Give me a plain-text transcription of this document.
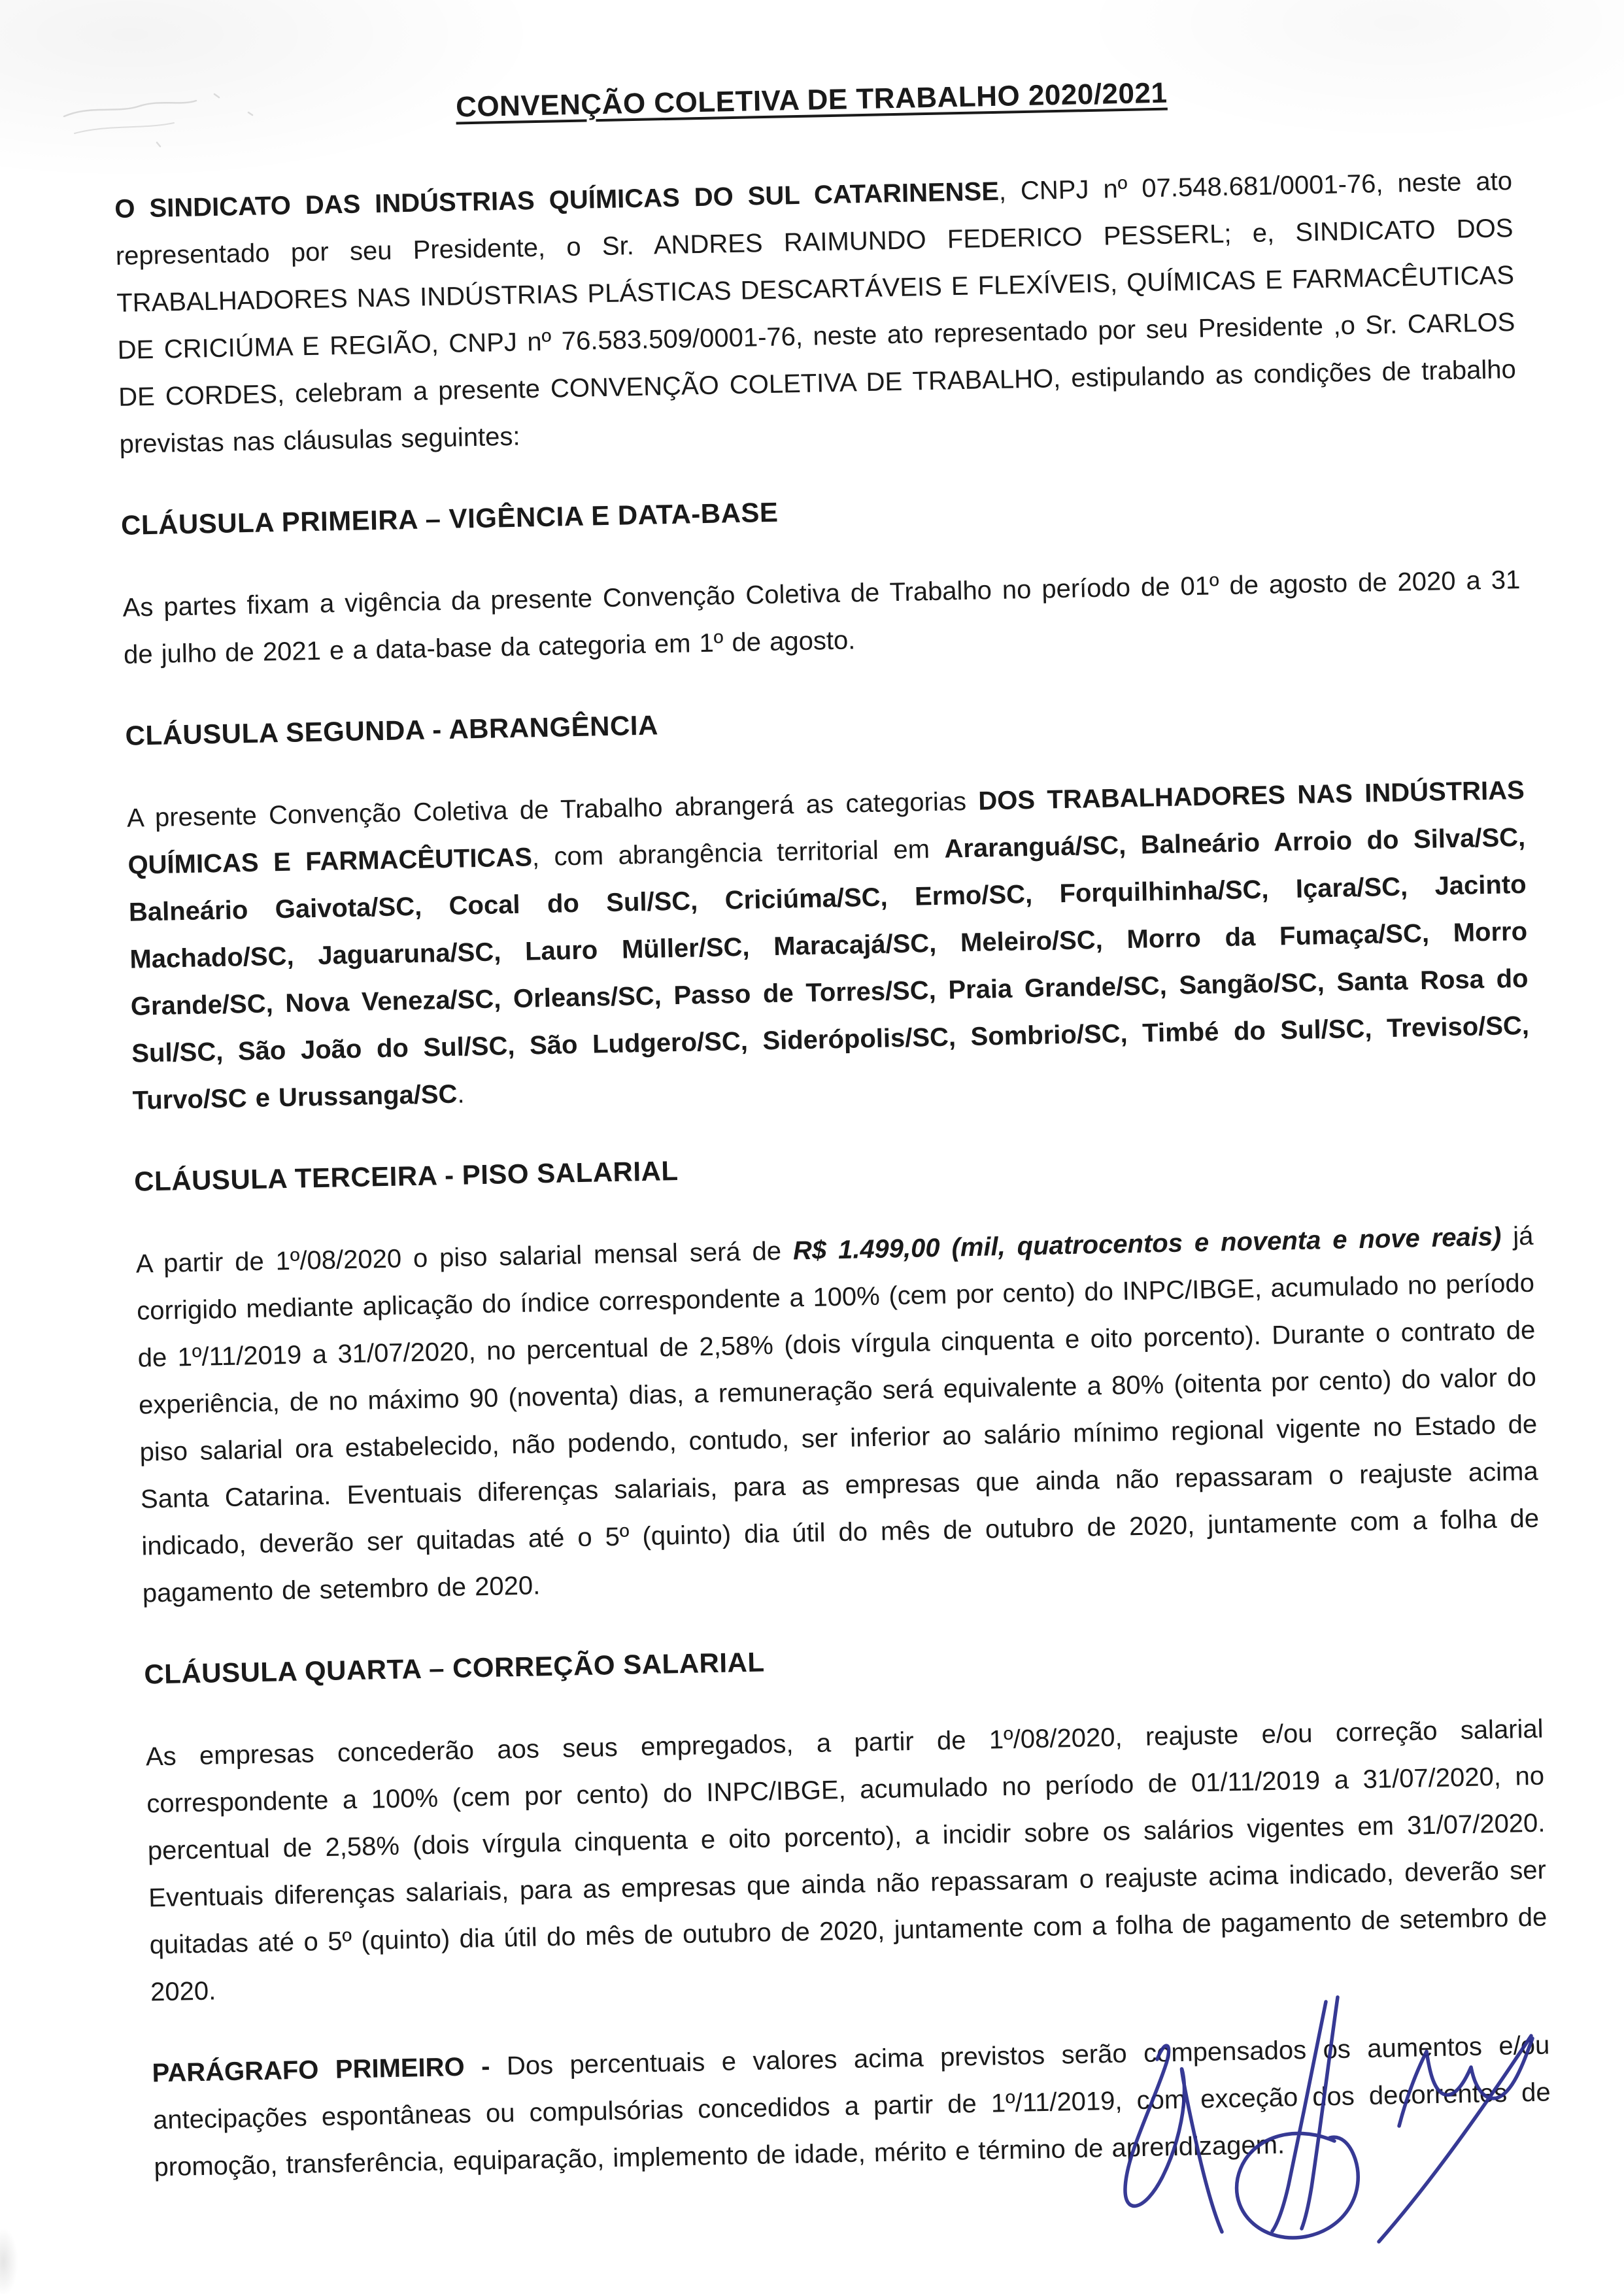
CONVENÇÃO COLETIVA DE TRABALHO 2020/2021

O SINDICATO DAS INDÚSTRIAS QUÍMICAS DO SUL CATARINENSE, CNPJ nº 07.548.681/0001-76, neste ato representado por seu Presidente, o Sr. ANDRES RAIMUNDO FEDERICO PESSERL; e, SINDICATO DOS TRABALHADORES NAS INDÚSTRIAS PLÁSTICAS DESCARTÁVEIS E FLEXÍVEIS, QUÍMICAS E FARMACÊUTICAS DE CRICIÚMA E REGIÃO, CNPJ nº 76.583.509/0001-76, neste ato representado por seu Presidente ,o Sr. CARLOS DE CORDES, celebram a presente CONVENÇÃO COLETIVA DE TRABALHO, estipulando as condições de trabalho previstas nas cláusulas seguintes:

CLÁUSULA PRIMEIRA – VIGÊNCIA E DATA-BASE

As partes fixam a vigência da presente Convenção Coletiva de Trabalho no período de 01º de agosto de 2020 a 31 de julho de 2021 e a data-base da categoria em 1º de agosto.

CLÁUSULA SEGUNDA - ABRANGÊNCIA

A presente Convenção Coletiva de Trabalho abrangerá as categorias DOS TRABALHADORES NAS INDÚSTRIAS QUÍMICAS E FARMACÊUTICAS, com abrangência territorial em Araranguá/SC, Balneário Arroio do Silva/SC, Balneário Gaivota/SC, Cocal do Sul/SC, Criciúma/SC, Ermo/SC, Forquilhinha/SC, Içara/SC, Jacinto Machado/SC, Jaguaruna/SC, Lauro Müller/SC, Maracajá/SC, Meleiro/SC, Morro da Fumaça/SC, Morro Grande/SC, Nova Veneza/SC, Orleans/SC, Passo de Torres/SC, Praia Grande/SC, Sangão/SC, Santa Rosa do Sul/SC, São João do Sul/SC, São Ludgero/SC, Siderópolis/SC, Sombrio/SC, Timbé do Sul/SC, Treviso/SC, Turvo/SC e Urussanga/SC.

CLÁUSULA TERCEIRA - PISO SALARIAL

A partir de 1º/08/2020 o piso salarial mensal será de R$ 1.499,00 (mil, quatrocentos e noventa e nove reais) já corrigido mediante aplicação do índice correspondente a 100% (cem por cento) do INPC/IBGE, acumulado no período de 1º/11/2019 a 31/07/2020, no percentual de 2,58% (dois vírgula cinquenta e oito porcento). Durante o contrato de experiência, de no máximo 90 (noventa) dias, a remuneração será equivalente a 80% (oitenta por cento) do valor do piso salarial ora estabelecido, não podendo, contudo, ser inferior ao salário mínimo regional vigente no Estado de Santa Catarina. Eventuais diferenças salariais, para as empresas que ainda não repassaram o reajuste acima indicado, deverão ser quitadas até o 5º (quinto) dia útil do mês de outubro de 2020, juntamente com a folha de pagamento de setembro de 2020.

CLÁUSULA QUARTA – CORREÇÃO SALARIAL

As empresas concederão aos seus empregados, a partir de 1º/08/2020, reajuste e/ou correção salarial correspondente a 100% (cem por cento) do INPC/IBGE, acumulado no período de 01/11/2019 a 31/07/2020, no percentual de 2,58% (dois vírgula cinquenta e oito porcento), a incidir sobre os salários vigentes em 31/07/2020. Eventuais diferenças salariais, para as empresas que ainda não repassaram o reajuste acima indicado, deverão ser quitadas até o 5º (quinto) dia útil do mês de outubro de 2020, juntamente com a folha de pagamento de setembro de 2020.

PARÁGRAFO PRIMEIRO - Dos percentuais e valores acima previstos serão compensados os aumentos e/ou antecipações espontâneas ou compulsórias concedidos a partir de 1º/11/2019, com exceção dos decorrentes de promoção, transferência, equiparação, implemento de idade, mérito e término de aprendizagem.
